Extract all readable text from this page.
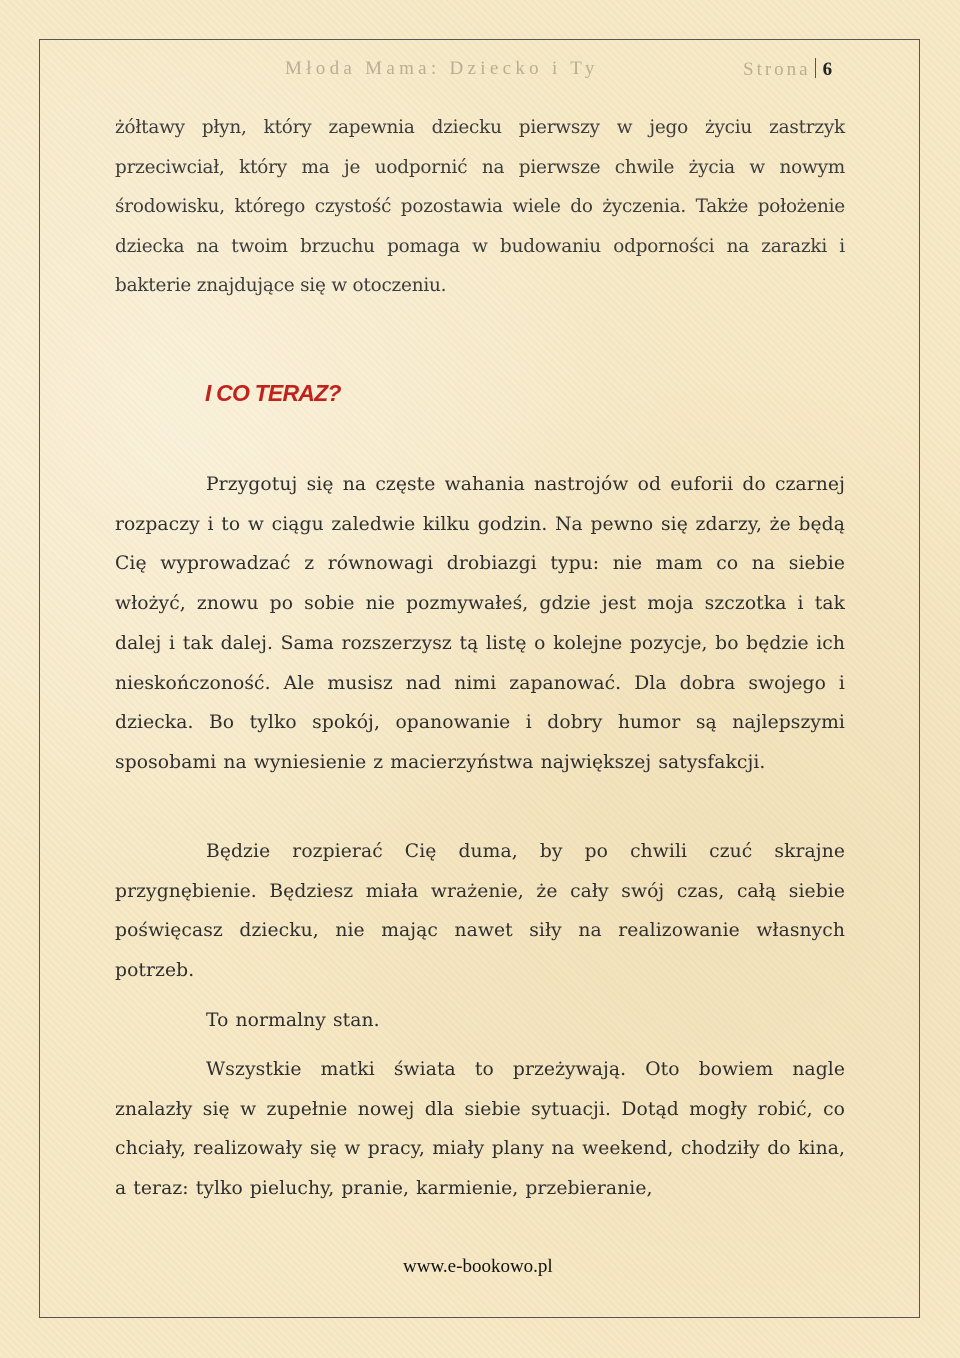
Młoda Mama: Dziecko i Ty	Strona 6

żółtawy płyn, który zapewnia dziecku pierwszy w jego życiu zastrzyk przeciwciał, który ma je uodpornić na pierwsze chwile życia w nowym środowisku, którego czystość pozostawia wiele do życzenia. Także położenie dziecka na twoim brzuchu pomaga w budowaniu odporności na zarazki i bakterie znajdujące się w otoczeniu.

I CO TERAZ?

Przygotuj się na częste wahania nastrojów od euforii do czarnej rozpaczy i to w ciągu zaledwie kilku godzin. Na pewno się zdarzy, że będą Cię wyprowadzać z równowagi drobiazgi typu: nie mam co na siebie włożyć, znowu po sobie nie pozmywałeś, gdzie jest moja szczotka i tak dalej i tak dalej. Sama rozszerzysz tą listę o kolejne pozycje, bo będzie ich nieskończoność. Ale musisz nad nimi zapanować. Dla dobra swojego i dziecka. Bo tylko spokój, opanowanie i dobry humor są najlepszymi sposobami na wyniesienie z macierzyństwa największej satysfakcji.

Będzie rozpierać Cię duma, by po chwili czuć skrajne przygnębienie. Będziesz miała wrażenie, że cały swój czas, całą siebie poświęcasz dziecku, nie mając nawet siły na realizowanie własnych potrzeb.

To normalny stan.

Wszystkie matki świata to przeżywają. Oto bowiem nagle znalazły się w zupełnie nowej dla siebie sytuacji. Dotąd mogły robić, co chciały, realizowały się w pracy, miały plany na weekend, chodziły do kina, a teraz: tylko pieluchy, pranie, karmienie, przebieranie,

www.e-bookowo.pl
